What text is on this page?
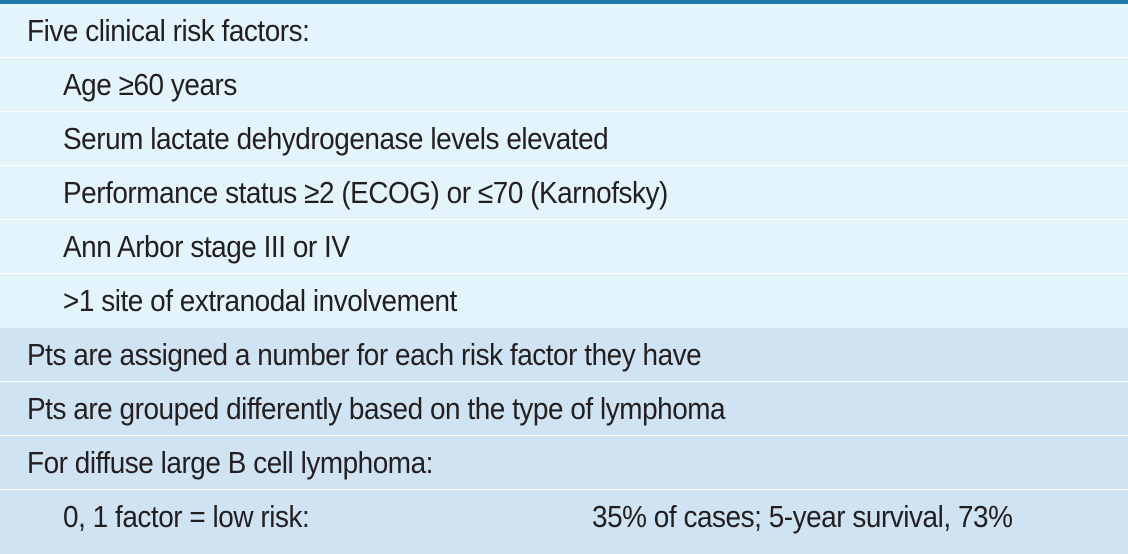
Five clinical risk factors:
Age ≥60 years
Serum lactate dehydrogenase levels elevated
Performance status ≥2 (ECOG) or ≤70 (Karnofsky)
Ann Arbor stage III or IV
>1 site of extranodal involvement
Pts are assigned a number for each risk factor they have
Pts are grouped differently based on the type of lymphoma
For diffuse large B cell lymphoma:
0, 1 factor = low risk:	35% of cases; 5-year survival, 73%
